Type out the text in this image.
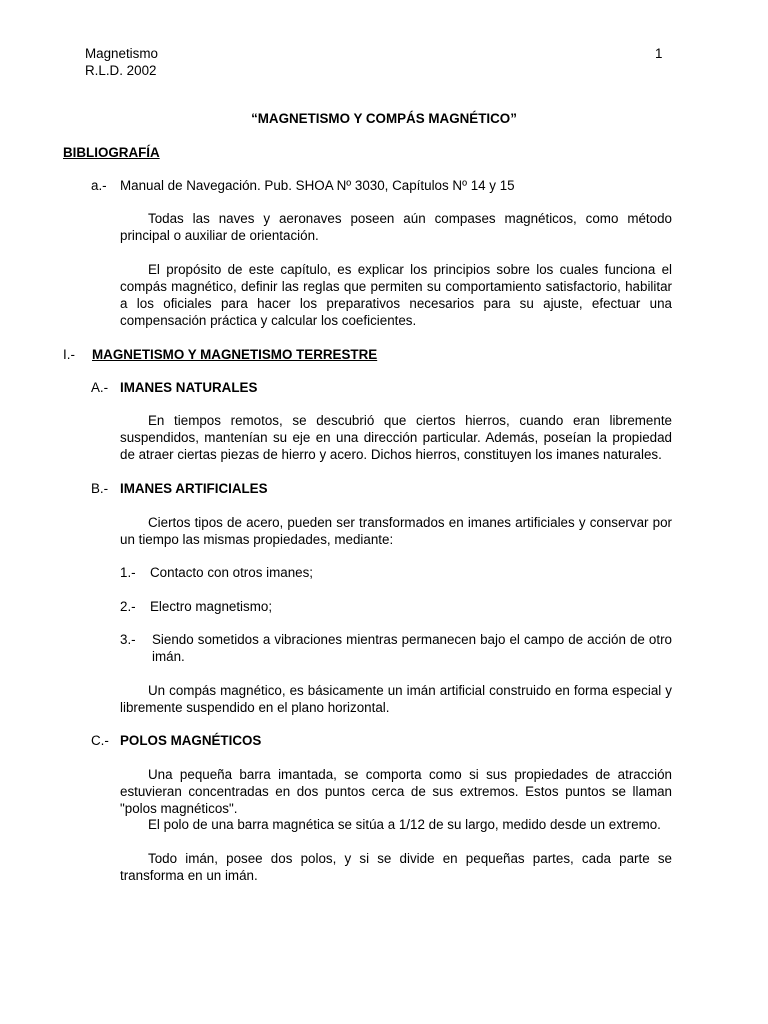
Magnetismo
R.L.D. 2002
1
“MAGNETISMO Y COMPÁS MAGNÉTICO”
BIBLIOGRAFÍA
a.- Manual de Navegación. Pub. SHOA Nº 3030, Capítulos Nº 14 y 15

Todas las naves y aeronaves poseen aún compases magnéticos, como método principal o auxiliar de orientación.

El propósito de este capítulo, es explicar los principios sobre los cuales funciona el compás magnético, definir las reglas que permiten su comportamiento satisfactorio, habilitar a los oficiales para hacer los preparativos necesarios para su ajuste, efectuar una compensación práctica y calcular los coeficientes.

I.- MAGNETISMO Y MAGNETISMO TERRESTRE
A.- IMANES NATURALES

En tiempos remotos, se descubrió que ciertos hierros, cuando eran libremente suspendidos, mantenían su eje en una dirección particular. Además, poseían la propiedad de atraer ciertas piezas de hierro y acero. Dichos hierros, constituyen los imanes naturales.

B.- IMANES ARTIFICIALES

Ciertos tipos de acero, pueden ser transformados en imanes artificiales y conservar por un tiempo las mismas propiedades, mediante:

1.- Contacto con otros imanes;
2.- Electro magnetismo;
3.- Siendo sometidos a vibraciones mientras permanecen bajo el campo de acción de otro imán.

Un compás magnético, es básicamente un imán artificial construido en forma especial y libremente suspendido en el plano horizontal.

C.- POLOS MAGNÉTICOS

Una pequeña barra imantada, se comporta como si sus propiedades de atracción estuvieran concentradas en dos puntos cerca de sus extremos. Estos puntos se llaman "polos magnéticos".

El polo de una barra magnética se sitúa a 1/12 de su largo, medido desde un extremo.

Todo imán, posee dos polos, y si se divide en pequeñas partes, cada parte se transforma en un imán.
